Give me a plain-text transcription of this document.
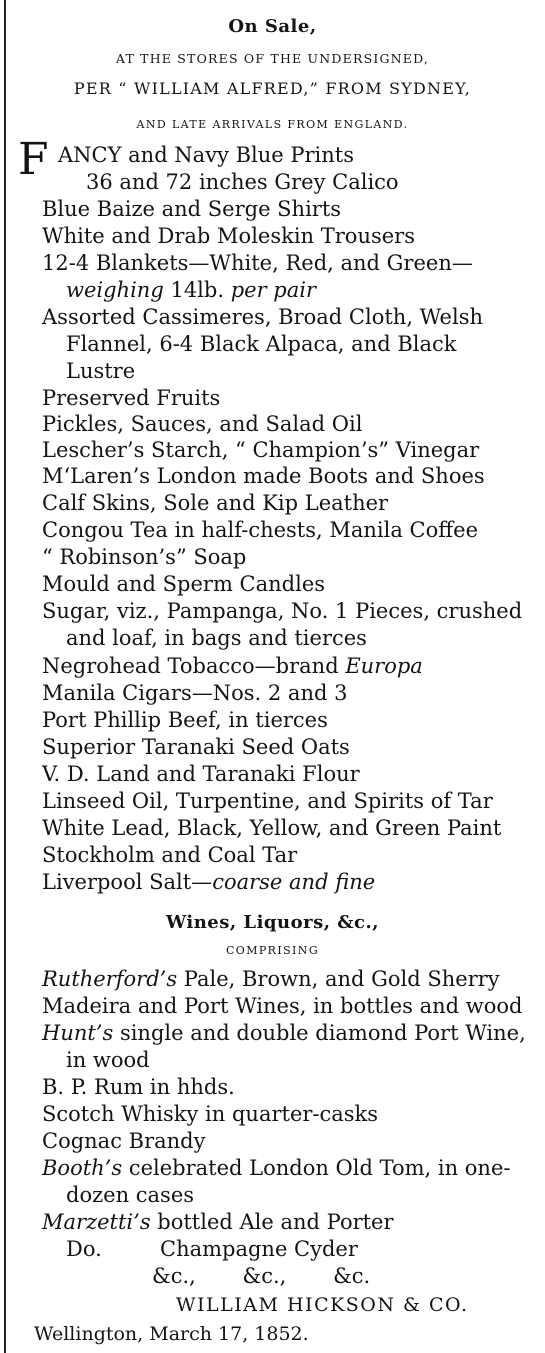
On Sale,
AT THE STORES OF THE UNDERSIGNED,
PER “ WILLIAM ALFRED,” FROM SYDNEY,
AND LATE ARRIVALS FROM ENGLAND.
F ANCY and Navy Blue Prints
36 and 72 inches Grey Calico
Blue Baize and Serge Shirts
White and Drab Moleskin Trousers
12-4 Blankets—White, Red, and Green—
weighing 14lb. per pair
Assorted Cassimeres, Broad Cloth, Welsh
Flannel, 6-4 Black Alpaca, and Black
Lustre
Preserved Fruits
Pickles, Sauces, and Salad Oil
Lescher’s Starch, “ Champion’s” Vinegar
M‘Laren’s London made Boots and Shoes
Calf Skins, Sole and Kip Leather
Congou Tea in half-chests, Manila Coffee
“ Robinson’s” Soap
Mould and Sperm Candles
Sugar, viz., Pampanga, No. 1 Pieces, crushed
and loaf, in bags and tierces
Negrohead Tobacco—brand Europa
Manila Cigars—Nos. 2 and 3
Port Phillip Beef, in tierces
Superior Taranaki Seed Oats
V. D. Land and Taranaki Flour
Linseed Oil, Turpentine, and Spirits of Tar
White Lead, Black, Yellow, and Green Paint
Stockholm and Coal Tar
Liverpool Salt—coarse and fine
Wines, Liquors, &c.,
COMPRISING
Rutherford’s Pale, Brown, and Gold Sherry
Madeira and Port Wines, in bottles and wood
Hunt’s single and double diamond Port Wine,
in wood
B. P. Rum in hhds.
Scotch Whisky in quarter-casks
Cognac Brandy
Booth’s celebrated London Old Tom, in one-
dozen cases
Marzetti’s bottled Ale and Porter
Do.	Champagne Cyder
&c.,       &c.,       &c.
WILLIAM HICKSON & CO.
Wellington, March 17, 1852.
